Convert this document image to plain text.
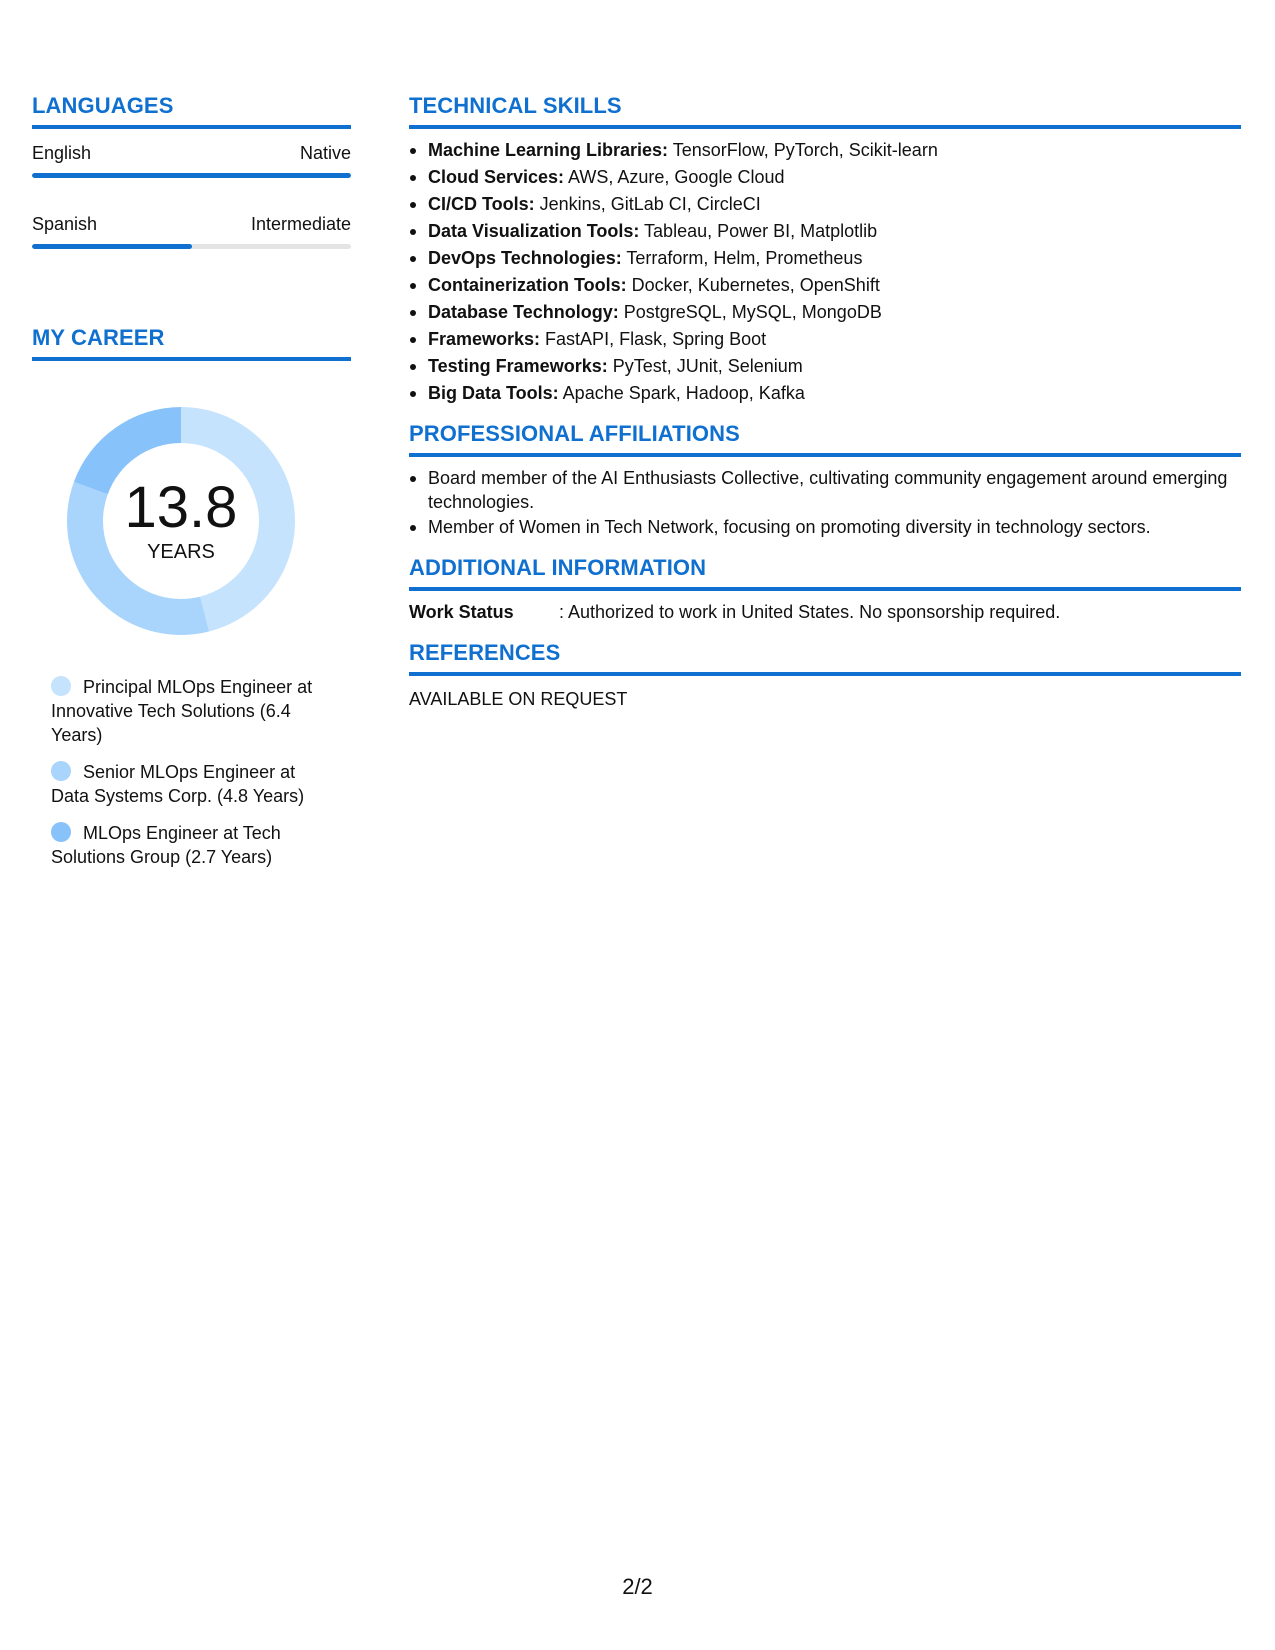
LANGUAGES
English	Native
Spanish	Intermediate
MY CAREER
13.8
YEARS
Principal MLOps Engineer at Innovative Tech Solutions (6.4 Years)
Senior MLOps Engineer at Data Systems Corp. (4.8 Years)
MLOps Engineer at Tech Solutions Group (2.7 Years)
TECHNICAL SKILLS
Machine Learning Libraries: TensorFlow, PyTorch, Scikit-learn
Cloud Services: AWS, Azure, Google Cloud
CI/CD Tools: Jenkins, GitLab CI, CircleCI
Data Visualization Tools: Tableau, Power BI, Matplotlib
DevOps Technologies: Terraform, Helm, Prometheus
Containerization Tools: Docker, Kubernetes, OpenShift
Database Technology: PostgreSQL, MySQL, MongoDB
Frameworks: FastAPI, Flask, Spring Boot
Testing Frameworks: PyTest, JUnit, Selenium
Big Data Tools: Apache Spark, Hadoop, Kafka
PROFESSIONAL AFFILIATIONS
Board member of the AI Enthusiasts Collective, cultivating community engagement around emerging technologies.
Member of Women in Tech Network, focusing on promoting diversity in technology sectors.
ADDITIONAL INFORMATION
Work Status	: Authorized to work in United States. No sponsorship required.
REFERENCES
AVAILABLE ON REQUEST
2/2
